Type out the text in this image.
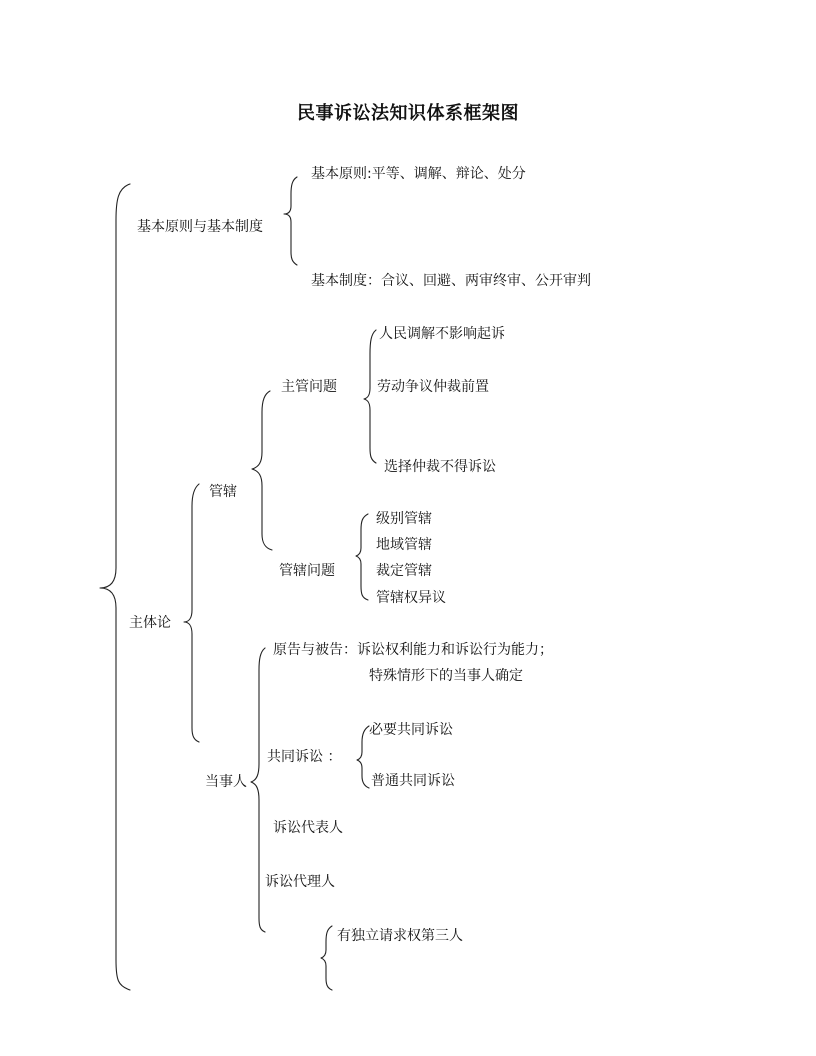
民事诉讼法知识体系框架图
基本原则与基本制度
基本原则:平等、调解、辩论、处分
基本制度：合议、回避、两审终审、公开审判
主体论
管辖
主管问题
人民调解不影响起诉
劳动争议仲裁前置
选择仲裁不得诉讼
管辖问题
级别管辖
地域管辖
裁定管辖
管辖权异议
当事人
原告与被告：诉讼权利能力和诉讼行为能力；
特殊情形下的当事人确定
共同诉讼 ：
必要共同诉讼
普通共同诉讼
诉讼代表人
诉讼代理人
有独立请求权第三人
